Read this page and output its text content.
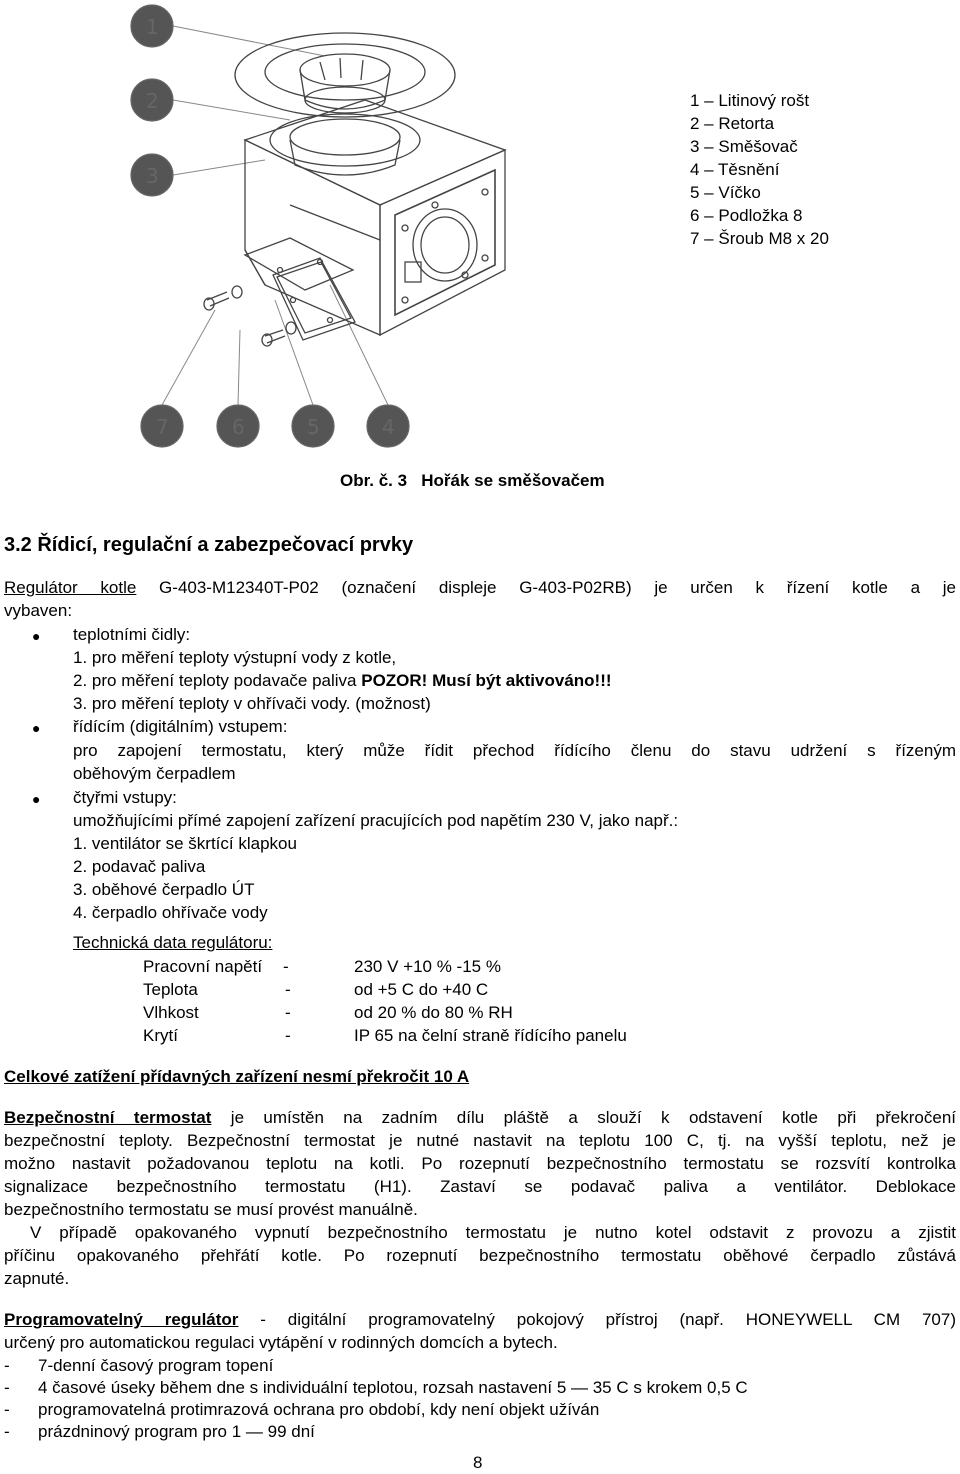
1
2
3
7	6	5	4
1 – Litinový rošt
2 – Retorta
3 – Směšovač
4 – Těsnění
5 – Víčko
6 – Podložka 8
7 – Šroub M8 x 20
Obr. č. 3 Hořák se směšovačem
3.2 Řídicí, regulační a zabezpečovací prvky
Regulátor kotle G-403-M12340T-P02 (označení displeje G-403-P02RB) je určen k řízení kotle a je
vybaven:
● teplotními čidly:
1. pro měření teploty výstupní vody z kotle,
2. pro měření teploty podavače paliva POZOR! Musí být aktivováno!!!
3. pro měření teploty v ohřívači vody. (možnost)
● řídícím (digitálním) vstupem:
pro zapojení termostatu, který může řídit přechod řídícího členu do stavu udržení s řízeným
oběhovým čerpadlem
● čtyřmi vstupy:
umožňujícími přímé zapojení zařízení pracujících pod napětím 230 V, jako např.:
1. ventilátor se škrtící klapkou
2. podavač paliva
3. oběhové čerpadlo ÚT
4. čerpadlo ohřívače vody
Technická data regulátoru:
Pracovní napětí -	230 V +10 % -15 %
Teplota	-	od +5 C do +40 C
Vlhkost	-	od 20 % do 80 % RH
Krytí	-	IP 65 na čelní straně řídícího panelu
Celkové zatížení přídavných zařízení nesmí překročit 10 A
Bezpečnostní termostat je umístěn na zadním dílu pláště a slouží k odstavení kotle při překročení
bezpečnostní teploty. Bezpečnostní termostat je nutné nastavit na teplotu 100 C, tj. na vyšší teplotu, než je
možno nastavit požadovanou teplotu na kotli. Po rozepnutí bezpečnostního termostatu se rozsvítí kontrolka
signalizace bezpečnostního termostatu (H1). Zastaví se podavač paliva a ventilátor. Deblokace
bezpečnostního termostatu se musí provést manuálně.
V případě opakovaného vypnutí bezpečnostního termostatu je nutno kotel odstavit z provozu a zjistit
příčinu opakovaného přehřátí kotle. Po rozepnutí bezpečnostního termostatu oběhové čerpadlo zůstává
zapnuté.
Programovatelný regulátor - digitální programovatelný pokojový přístroj (např. HONEYWELL CM 707)
určený pro automatickou regulaci vytápění v rodinných domcích a bytech.
- 7-denní časový program topení
- 4 časové úseky během dne s individuální teplotou, rozsah nastavení 5 — 35 C s krokem 0,5 C
- programovatelná protimrazová ochrana pro období, kdy není objekt užíván
- prázdninový program pro 1 — 99 dní
8
